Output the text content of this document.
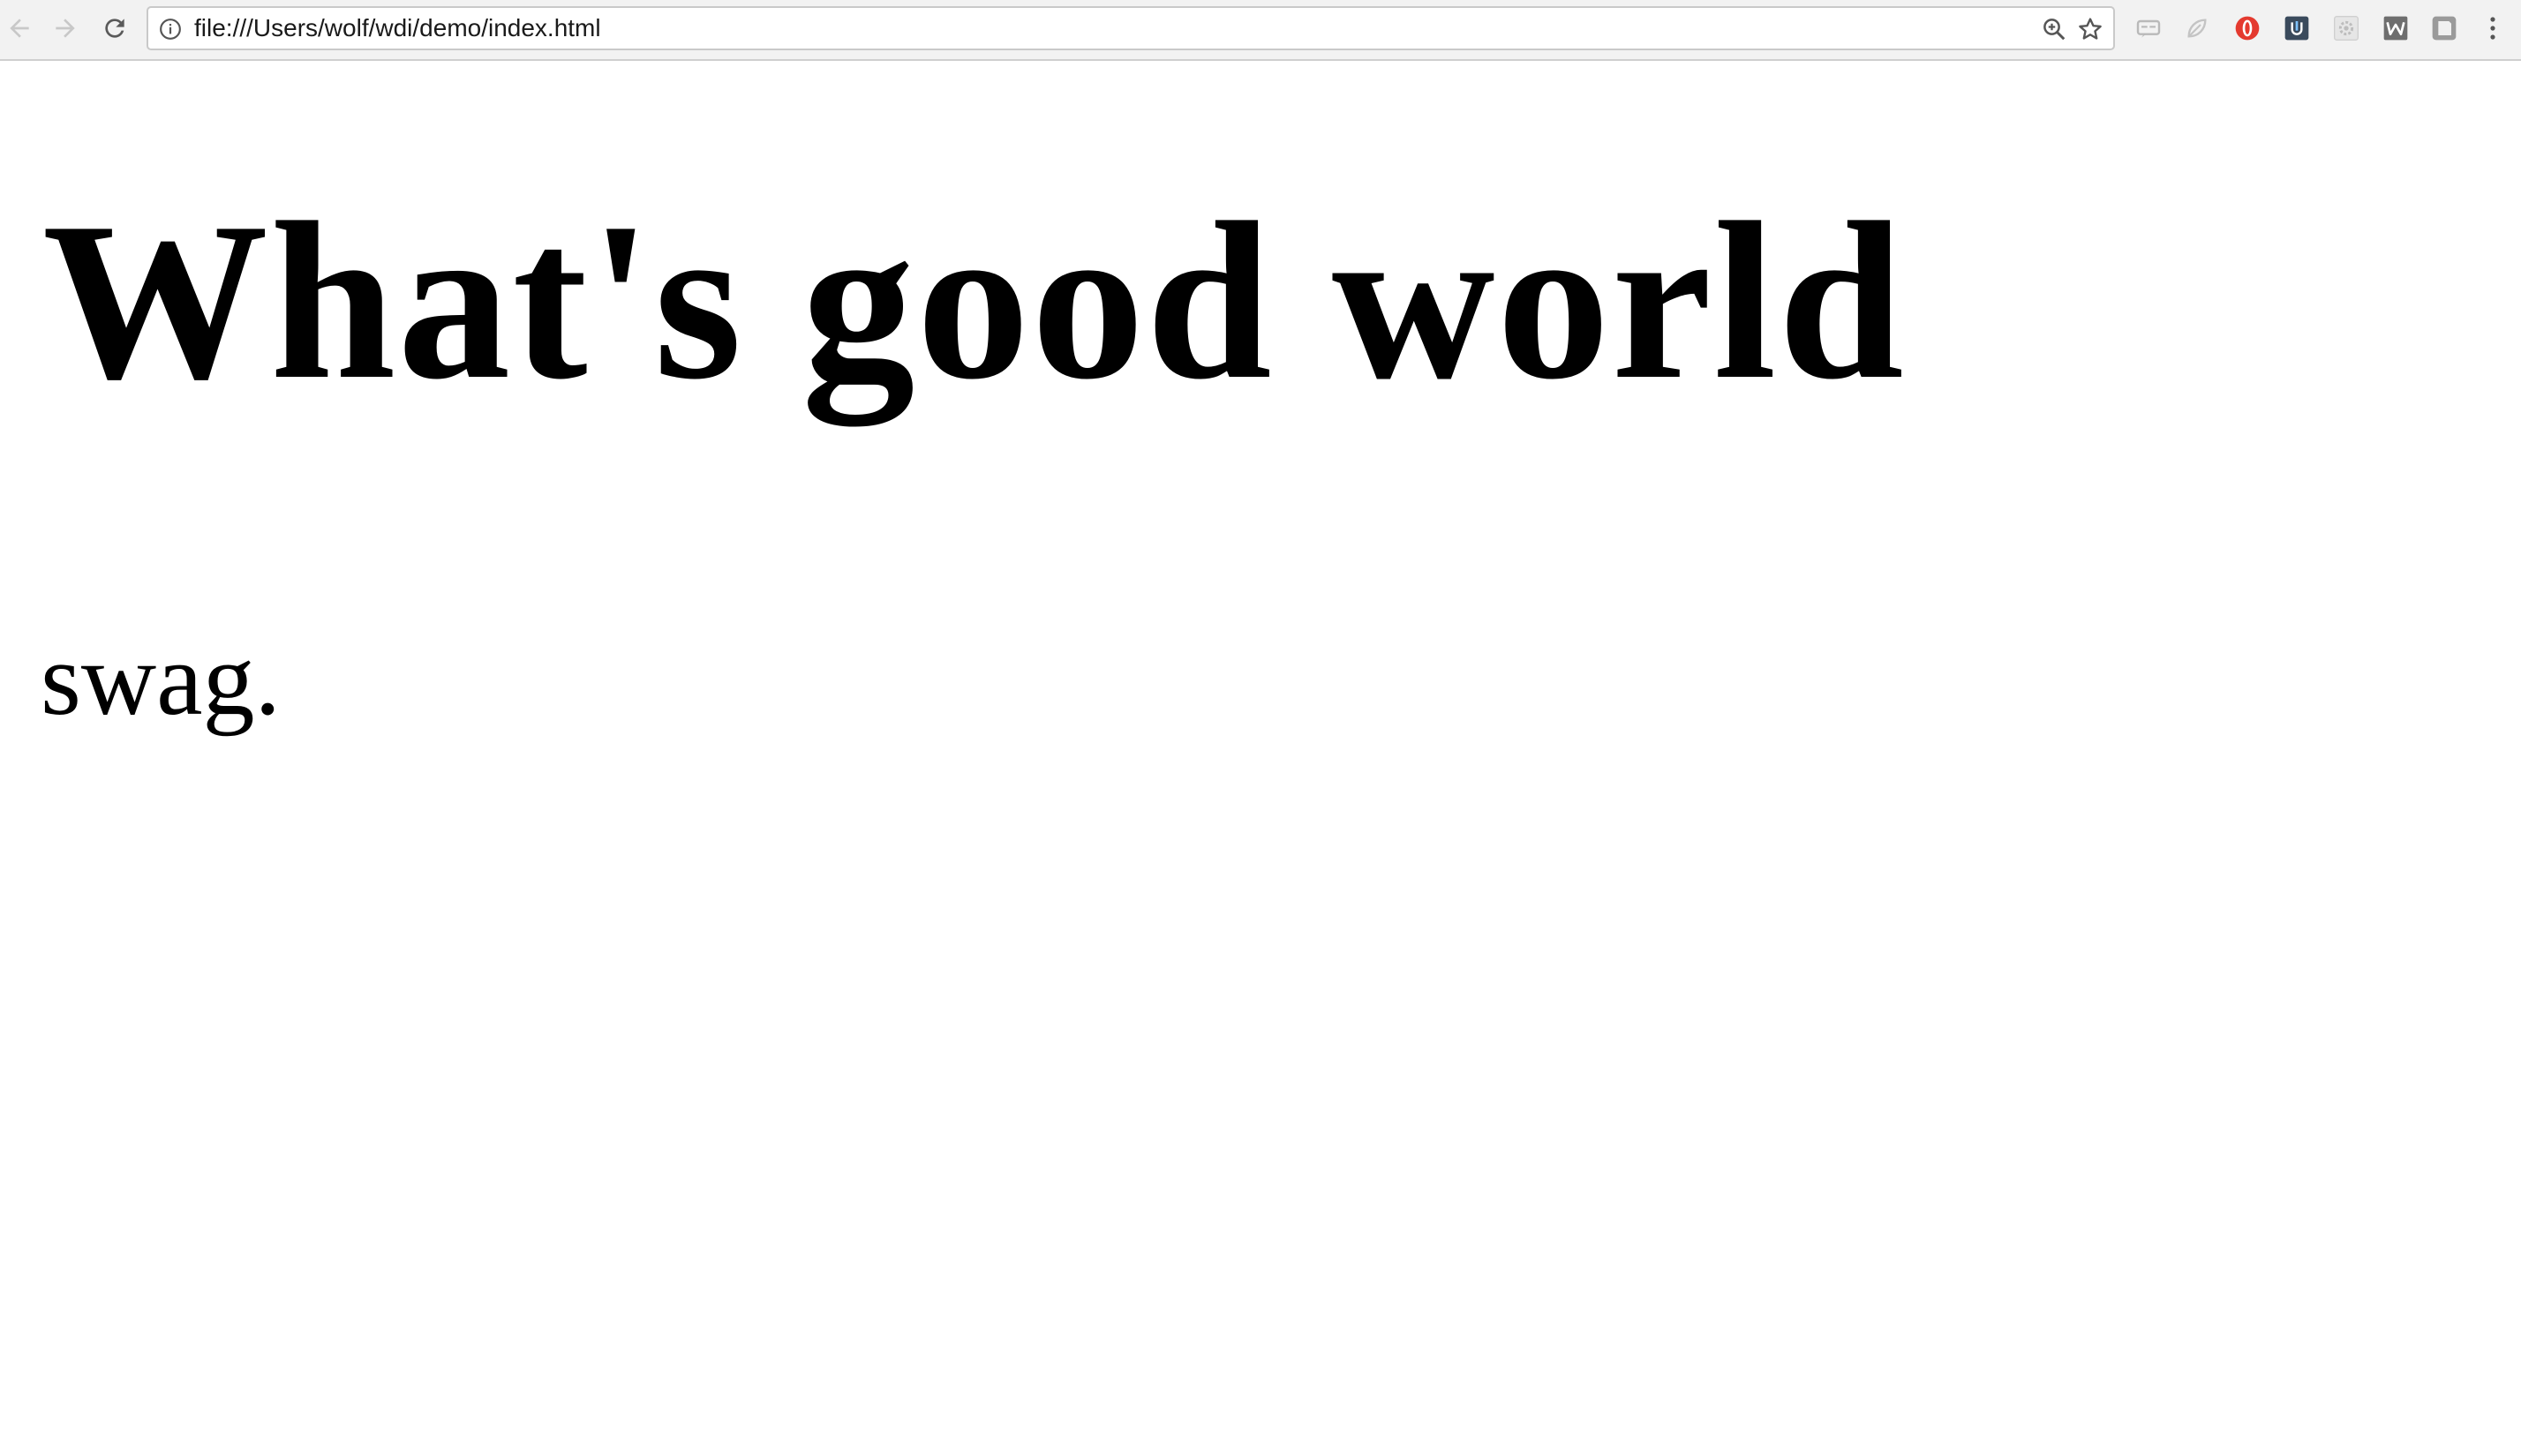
file:///Users/wolf/wdi/demo/index.html
What's good world

swag.
